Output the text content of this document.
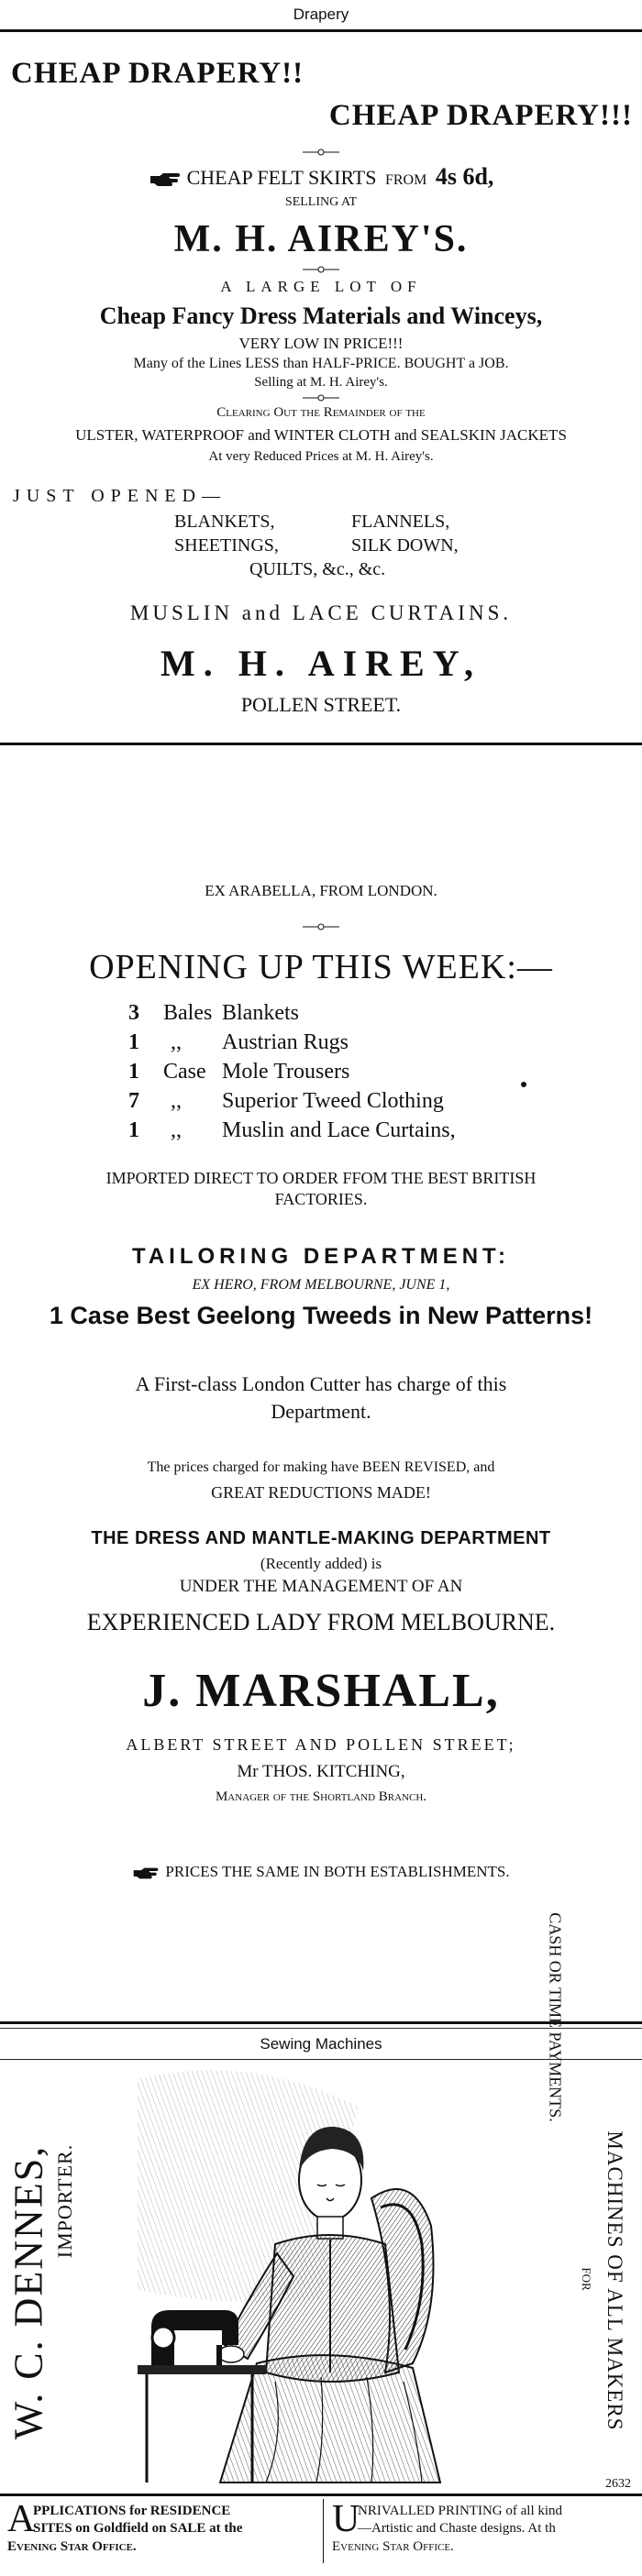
Drapery
CHEAP DRAPERY!!
CHEAP DRAPERY!!!
CHEAP FELT SKIRTS FROM 4s 6d,
SELLING AT
M. H. AIREY'S.
A LARGE LOT OF
Cheap Fancy Dress Materials and Winceys,
VERY LOW IN PRICE!!!
Many of the Lines LESS than HALF-PRICE. BOUGHT a JOB.
Selling at M. H. Airey's.
Clearing Out the Remainder of the
ULSTER, WATERPROOF and WINTER CLOTH and SEALSKIN JACKETS
At very Reduced Prices at M. H. Airey's.
JUST OPENED—
BLANKETS,	FLANNELS,
SHEETINGS,	SILK DOWN,
QUILTS, &c., &c.
MUSLIN and LACE CURTAINS.
M. H. AIREY,
POLLEN STREET.
EX ARABELLA, FROM LONDON.
OPENING UP THIS WEEK:—
3 Bales Blankets
1 ,, Austrian Rugs
1 Case Mole Trousers
7 ,, Superior Tweed Clothing
1 ,, Muslin and Lace Curtains,
IMPORTED DIRECT TO ORDER FFOM THE BEST BRITISH
FACTORIES.
TAILORING DEPARTMENT:
EX HERO, FROM MELBOURNE, JUNE 1,
1 Case Best Geelong Tweeds in New Patterns!
A First-class London Cutter has charge of this
Department.
The prices charged for making have BEEN REVISED, and
GREAT REDUCTIONS MADE!
THE DRESS AND MANTLE-MAKING DEPARTMENT
(Recently added) is
UNDER THE MANAGEMENT OF AN
EXPERIENCED LADY FROM MELBOURNE.
J. MARSHALL,
ALBERT STREET AND POLLEN STREET;
Mr THOS. KITCHING,
Manager of the Shortland Branch.
PRICES THE SAME IN BOTH ESTABLISHMENTS.
Sewing Machines
W. C. DENNES, IMPORTER.	MACHINES OF ALL MAKERS
FOR
CASH OR TIME PAYMENTS.
2632
A
PPLICATIONS for RESIDENCE
SITES on Goldfield on SALE at the
Evening Star Office.
U
NRIVALLED PRINTING of all kind
—Artistic and Chaste designs. At th
Evening Star Office.
